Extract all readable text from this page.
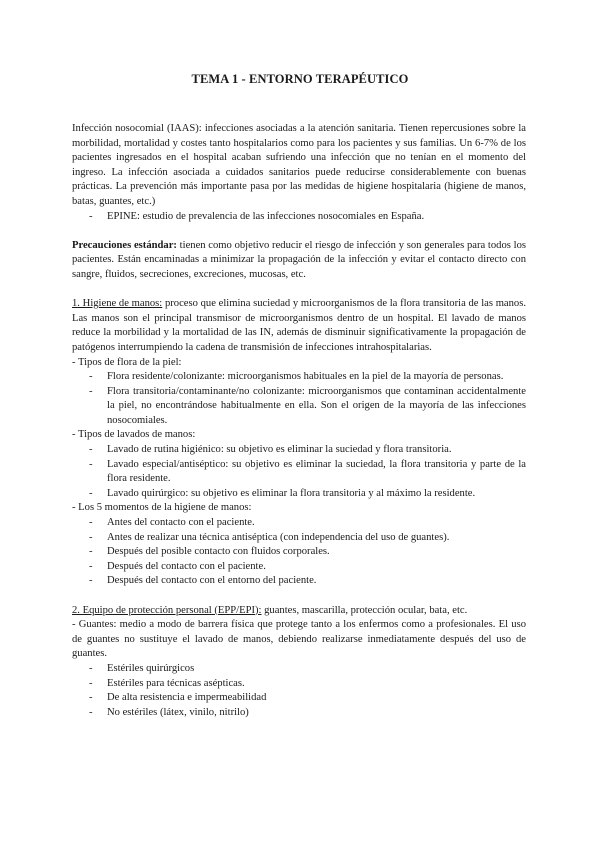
TEMA 1 - ENTORNO TERAPÉUTICO

Infección nosocomial (IAAS): infecciones asociadas a la atención sanitaria. Tienen repercusiones sobre la morbilidad, mortalidad y costes tanto hospitalarios como para los pacientes y sus familias. Un 6-7% de los pacientes ingresados en el hospital acaban sufriendo una infección que no tenían en el momento del ingreso. La infección asociada a cuidados sanitarios puede reducirse considerablemente con buenas prácticas. La prevención más importante pasa por las medidas de higiene hospitalaria (higiene de manos, batas, guantes, etc.)

- EPINE: estudio de prevalencia de las infecciones nosocomiales en España.

Precauciones estándar: tienen como objetivo reducir el riesgo de infección y son generales para todos los pacientes. Están encaminadas a minimizar la propagación de la infección y evitar el contacto directo con sangre, fluidos, secreciones, excreciones, mucosas, etc.

1. Higiene de manos: proceso que elimina suciedad y microorganismos de la flora transitoria de las manos. Las manos son el principal transmisor de microorganismos dentro de un hospital. El lavado de manos reduce la morbilidad y la mortalidad de las IN, además de disminuir significativamente la propagación de patógenos interrumpiendo la cadena de transmisión de infecciones intrahospitalarias.

- Tipos de flora de la piel:

- Flora residente/colonizante: microorganismos habituales en la piel de la mayoría de personas.
- Flora transitoria/contaminante/no colonizante: microorganismos que contaminan accidentalmente la piel, no encontrándose habitualmente en ella. Son el origen de la mayoría de las infecciones nosocomiales.

- Tipos de lavados de manos:

- Lavado de rutina higiénico: su objetivo es eliminar la suciedad y flora transitoria.
- Lavado especial/antiséptico: su objetivo es eliminar la suciedad, la flora transitoria y parte de la flora residente.
- Lavado quirúrgico: su objetivo es eliminar la flora transitoria y al máximo la residente.

- Los 5 momentos de la higiene de manos:

- Antes del contacto con el paciente.
- Antes de realizar una técnica antiséptica (con independencia del uso de guantes).
- Después del posible contacto con fluidos corporales.
- Después del contacto con el paciente.
- Después del contacto con el entorno del paciente.

2. Equipo de protección personal (EPP/EPI): guantes, mascarilla, protección ocular, bata, etc.

- Guantes: medio a modo de barrera física que protege tanto a los enfermos como a profesionales. El uso de guantes no sustituye el lavado de manos, debiendo realizarse inmediatamente después del uso de guantes.

- Estériles quirúrgicos
- Estériles para técnicas asépticas.
- De alta resistencia e impermeabilidad
- No estériles (látex, vinilo, nitrilo)
